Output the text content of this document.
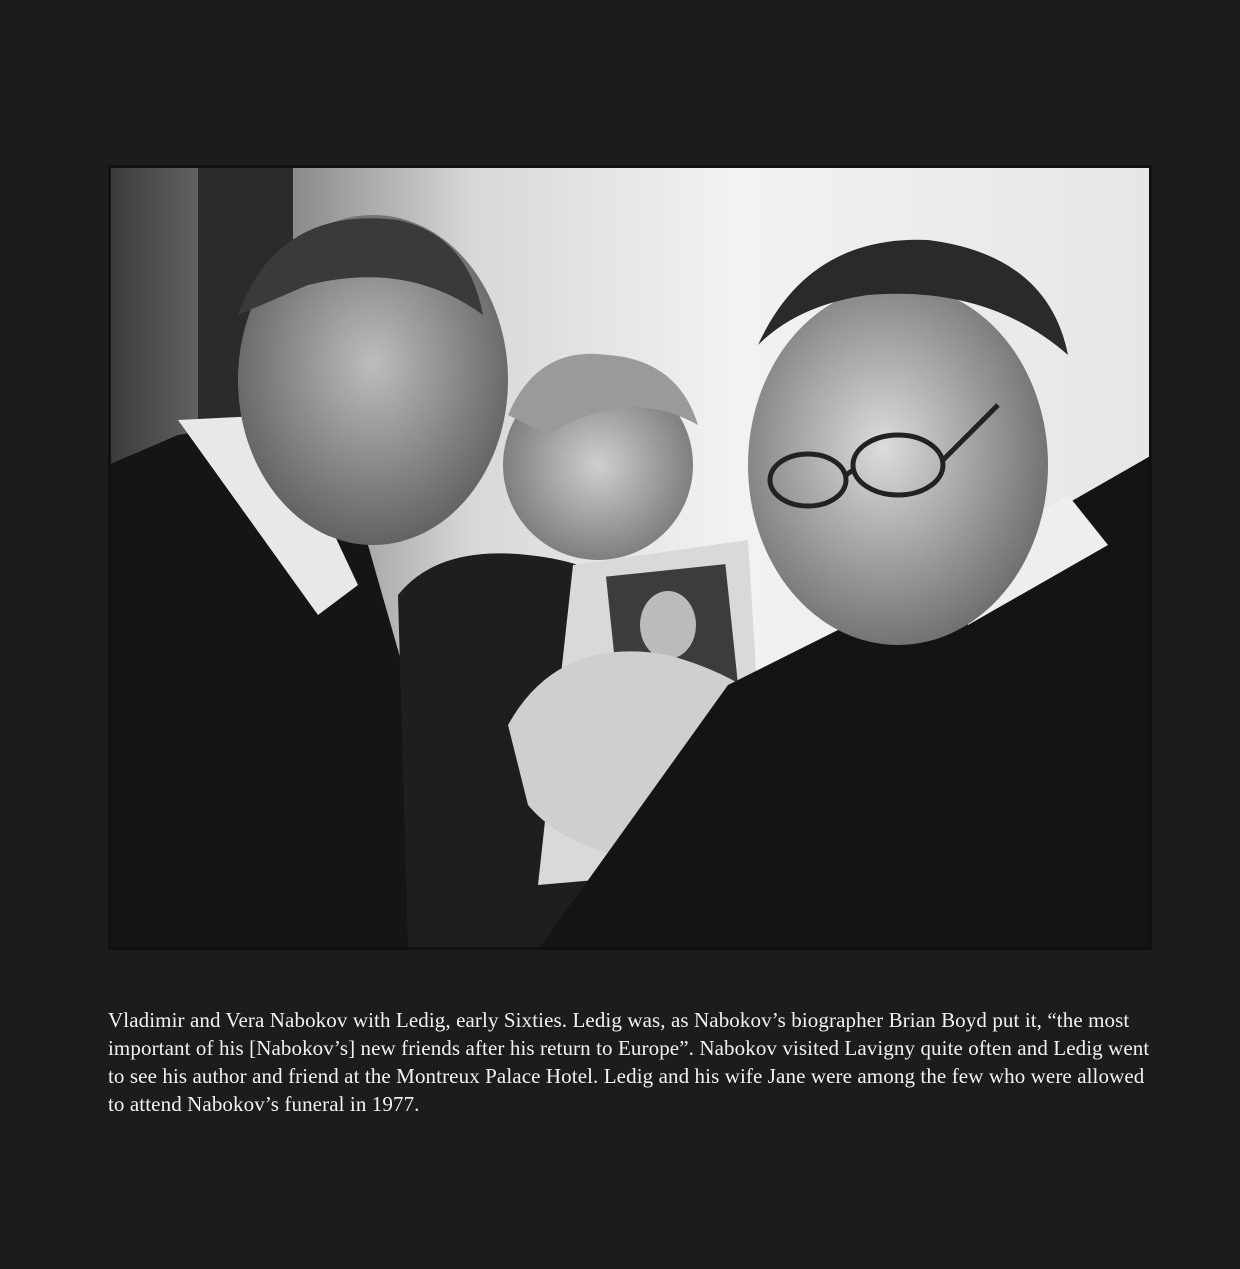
Vladimir and Vera Nabokov with Ledig, early Sixties. Ledig was, as Nabokov’s biographer Brian Boyd put it, “the most important of his [Nabokov’s] new friends after his return to Europe”. Nabokov visited Lavigny quite often and Ledig went to see his author and friend at the Montreux Palace Hotel. Ledig and his wife Jane were among the few who were allowed to attend Nabokov’s funeral in 1977.
